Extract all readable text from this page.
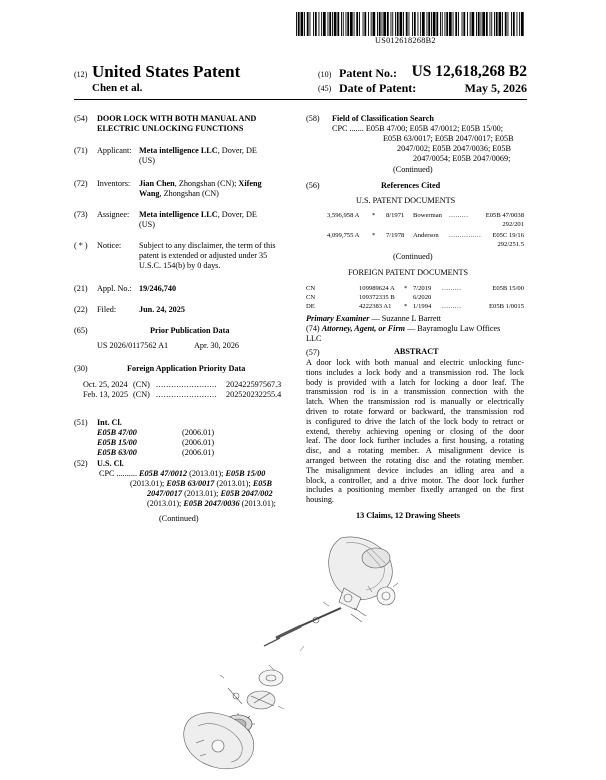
US012618268B2
(12) United States Patent
Chen et al.
(10) Patent No.: US 12,618,268 B2
(45) Date of Patent:	May 5, 2026
(54) DOOR LOCK WITH BOTH MANUAL AND
ELECTRIC UNLOCKING FUNCTIONS
(71) Applicant: Meta intelligence LLC, Dover, DE
(US)
(72) Inventors: Jian Chen, Zhongshan (CN); Xifeng
Wang, Zhongshan (CN)
(73) Assignee: Meta intelligence LLC, Dover, DE
(US)
( * ) Notice: Subject to any disclaimer, the term of this
patent is extended or adjusted under 35
U.S.C. 154(b) by 0 days.
(21) Appl. No.: 19/246,740
(22) Filed:	Jun. 24, 2025
(65)	Prior Publication Data
US 2026/0117562 A1	Apr. 30, 2026
(30)	Foreign Application Priority Data
Oct. 25, 2024 (CN) ........................ 202422597567.3
Feb. 13, 2025 (CN) ........................ 202520232255.4
(51) Int. Cl.
E05B 47/00	(2006.01)
E05B 15/00	(2006.01)
E05B 63/00	(2006.01)
(52) U.S. Cl.
CPC .......... E05B 47/0012 (2013.01); E05B 15/00
(2013.01); E05B 63/0017 (2013.01); E05B
2047/0017 (2013.01); E05B 2047/002
(2013.01); E05B 2047/0036 (2013.01);
(Continued)
(58) Field of Classification Search
CPC ....... E05B 47/00; E05B 47/0012; E05B 15/00;
E05B 63/0017; E05B 2047/0017; E05B
2047/002; E05B 2047/0036; E05B
2047/0054; E05B 2047/0069;
(Continued)
(56)	References Cited
U.S. PATENT DOCUMENTS
3,596,958 A * 8/1971 Bowerman .........	E05B 47/0038
292/201
4,099,755 A * 7/1978 Anderson ............... E05C 19/16
292/251.5
(Continued)
FOREIGN PATENT DOCUMENTS
CN	109989624 A * 7/2019 .........	E05B 15/00
CN	109372335 B	6/2020
DE	4222383 A1 * 1/1994 .........	E05B 1/0015
Primary Examiner — Suzanne L Barrett
(74) Attorney, Agent, or Firm — Bayramoglu Law Offices
LLC
(57)	ABSTRACT
A door lock with both manual and electric unlocking func-
tions includes a lock body and a transmission rod. The lock
body is provided with a latch for locking a door leaf. The
transmission rod is in a transmission connection with the
latch. When the transmission rod is manually or electrically
driven to rotate forward or backward, the transmission rod
is configured to drive the latch of the lock body to retract or
extend, thereby achieving opening or closing of the door
leaf. The door lock further includes a first housing, a rotating
disc, and a rotating member. A misalignment device is
arranged between the rotating disc and the rotating member.
The misalignment device includes an idling area and a
block, a controller, and a drive motor. The door lock further
includes a positioning member fixedly arranged on the first
housing.
13 Claims, 12 Drawing Sheets
